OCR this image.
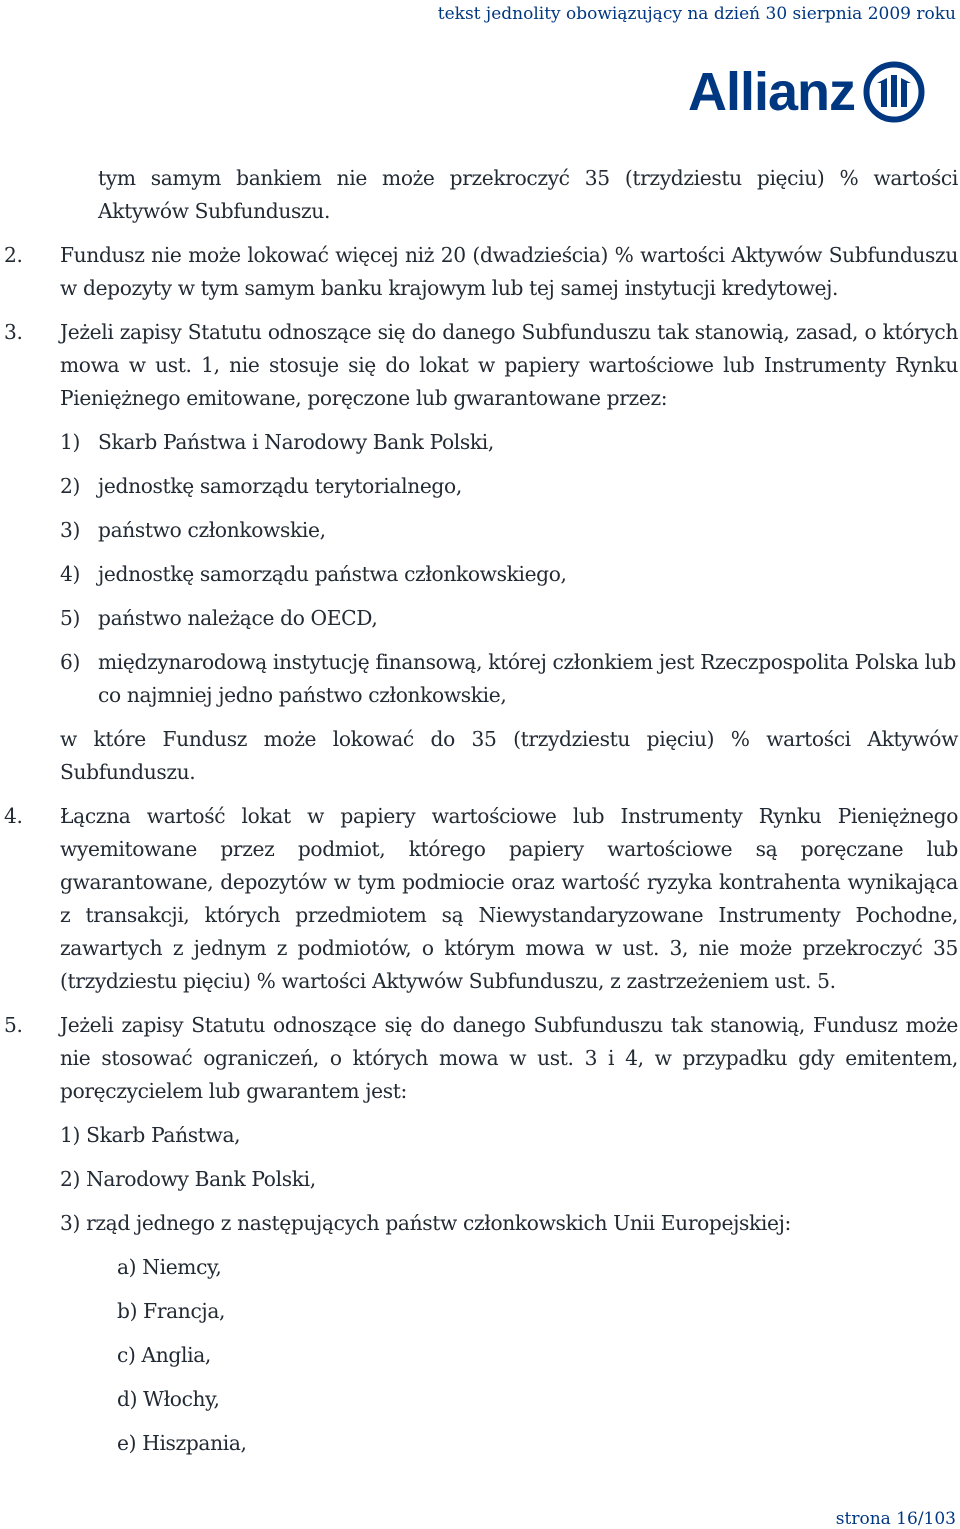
tekst jednolity obowiązujący na dzień 30 sierpnia 2009 roku
Allianz
tym samym bankiem nie może przekroczyć 35 (trzydziestu pięciu) % wartości Aktywów Subfunduszu.
2. Fundusz nie może lokować więcej niż 20 (dwadzieścia) % wartości Aktywów Subfunduszu w depozyty w tym samym banku krajowym lub tej samej instytucji kredytowej.
3. Jeżeli zapisy Statutu odnoszące się do danego Subfunduszu tak stanowią, zasad, o których mowa w ust. 1, nie stosuje się do lokat w papiery wartościowe lub Instrumenty Rynku Pieniężnego emitowane, poręczone lub gwarantowane przez:
1) Skarb Państwa i Narodowy Bank Polski,
2) jednostkę samorządu terytorialnego,
3) państwo członkowskie,
4) jednostkę samorządu państwa członkowskiego,
5) państwo należące do OECD,
6) międzynarodową instytucję finansową, której członkiem jest Rzeczpospolita Polska lub co najmniej jedno państwo członkowskie,
w które Fundusz może lokować do 35 (trzydziestu pięciu) % wartości Aktywów Subfunduszu.
4. Łączna wartość lokat w papiery wartościowe lub Instrumenty Rynku Pieniężnego wyemitowane przez podmiot, którego papiery wartościowe są poręczane lub gwarantowane, depozytów w tym podmiocie oraz wartość ryzyka kontrahenta wynikająca z transakcji, których przedmiotem są Niewystandaryzowane Instrumenty Pochodne, zawartych z jednym z podmiotów, o którym mowa w ust. 3, nie może przekroczyć 35 (trzydziestu pięciu) % wartości Aktywów Subfunduszu, z zastrzeżeniem ust. 5.
5. Jeżeli zapisy Statutu odnoszące się do danego Subfunduszu tak stanowią, Fundusz może nie stosować ograniczeń, o których mowa w ust. 3 i 4, w przypadku gdy emitentem, poręczycielem lub gwarantem jest:
1) Skarb Państwa,
2) Narodowy Bank Polski,
3) rząd jednego z następujących państw członkowskich Unii Europejskiej:
a) Niemcy,
b) Francja,
c) Anglia,
d) Włochy,
e) Hiszpania,
strona 16/103
